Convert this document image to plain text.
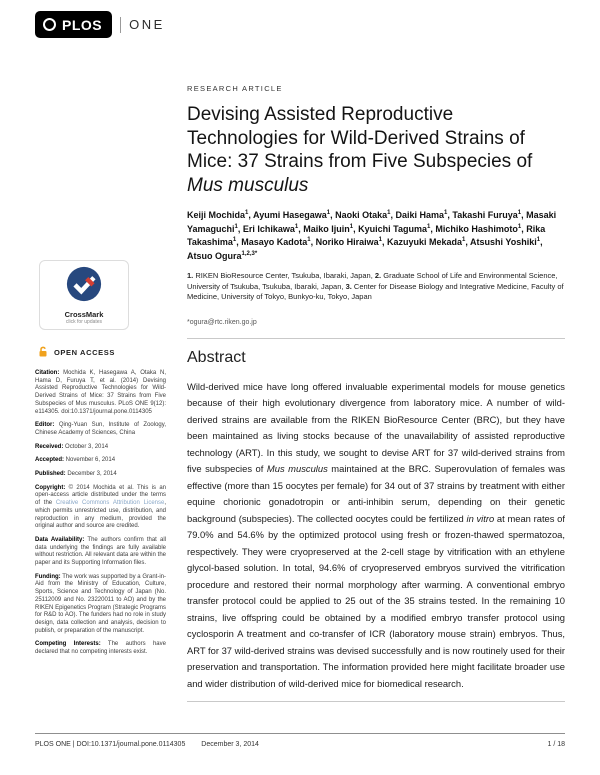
PLOS ONE
CrossMark
click for updates
OPEN ACCESS

Citation: Mochida K, Hasegawa A, Otaka N, Hama D, Furuya T, et al. (2014) Devising Assisted Reproductive Technologies for Wild-Derived Strains of Mice: 37 Strains from Five Subspecies of Mus musculus. PLoS ONE 9(12): e114305. doi:10.1371/journal.pone.0114305

Editor: Qing-Yuan Sun, Institute of Zoology, Chinese Academy of Sciences, China

Received: October 3, 2014

Accepted: November 6, 2014

Published: December 3, 2014

Copyright: © 2014 Mochida et al. This is an open-access article distributed under the terms of the Creative Commons Attribution License, which permits unrestricted use, distribution, and reproduction in any medium, provided the original author and source are credited.

Data Availability: The authors confirm that all data underlying the findings are fully available without restriction. All relevant data are within the paper and its Supporting Information files.

Funding: The work was supported by a Grant-in-Aid from the Ministry of Education, Culture, Sports, Science and Technology of Japan (No. 25112009 and No. 23220011 to AO) and by the RIKEN Epigenetics Program (Strategic Programs for R&D to AO). The funders had no role in study design, data collection and analysis, decision to publish, or preparation of the manuscript.

Competing Interests: The authors have declared that no competing interests exist.

RESEARCH ARTICLE
Devising Assisted Reproductive Technologies for Wild-Derived Strains of Mice: 37 Strains from Five Subspecies of Mus musculus
Keiji Mochida$^1$, Ayumi Hasegawa$^1$, Naoki Otaka$^1$, Daiki Hama$^1$, Takashi Furuya$^1$, Masaki Yamaguchi$^1$, Eri Ichikawa$^1$, Maiko Ijuin$^1$, Kyuichi Taguma$^1$, Michiko Hashimoto$^1$, Rika Takashima$^1$, Masayo Kadota$^1$, Noriko Hiraiwa$^1$, Kazuyuki Mekada$^1$, Atsushi Yoshiki$^1$, Atsuo Ogura$^{1,2,3*}$
1. RIKEN BioResource Center, Tsukuba, Ibaraki, Japan, 2. Graduate School of Life and Environmental Science, University of Tsukuba, Tsukuba, Ibaraki, Japan, 3. Center for Disease Biology and Integrative Medicine, Faculty of Medicine, University of Tokyo, Bunkyo-ku, Tokyo, Japan
*ogura@rtc.riken.go.jp
Abstract
Wild-derived mice have long offered invaluable experimental models for mouse genetics because of their high evolutionary divergence from laboratory mice. A number of wild-derived strains are available from the RIKEN BioResource Center (BRC), but they have been maintained as living stocks because of the unavailability of assisted reproductive technology (ART). In this study, we sought to devise ART for 37 wild-derived strains from five subspecies of Mus musculus maintained at the BRC. Superovulation of females was effective (more than 15 oocytes per female) for 34 out of 37 strains by treatment with either equine chorionic gonadotropin or anti-inhibin serum, depending on their genetic background (subspecies). The collected oocytes could be fertilized in vitro at mean rates of 79.0% and 54.6% by the optimized protocol using fresh or frozen-thawed spermatozoa, respectively. They were cryopreserved at the 2-cell stage by vitrification with an ethylene glycol-based solution. In total, 94.6% of cryopreserved embryos survived the vitrification procedure and restored their normal morphology after warming. A conventional embryo transfer protocol could be applied to 25 out of the 35 strains tested. In the remaining 10 strains, live offspring could be obtained by a modified embryo transfer protocol using cyclosporin A treatment and co-transfer of ICR (laboratory mouse strain) embryos. Thus, ART for 37 wild-derived strains was devised successfully and is now routinely used for their preservation and transportation. The information provided here might facilitate broader use and wider distribution of wild-derived mice for biomedical research.
PLOS ONE | DOI:10.1371/journal.pone.0114305 December 3, 2014	1 / 18
